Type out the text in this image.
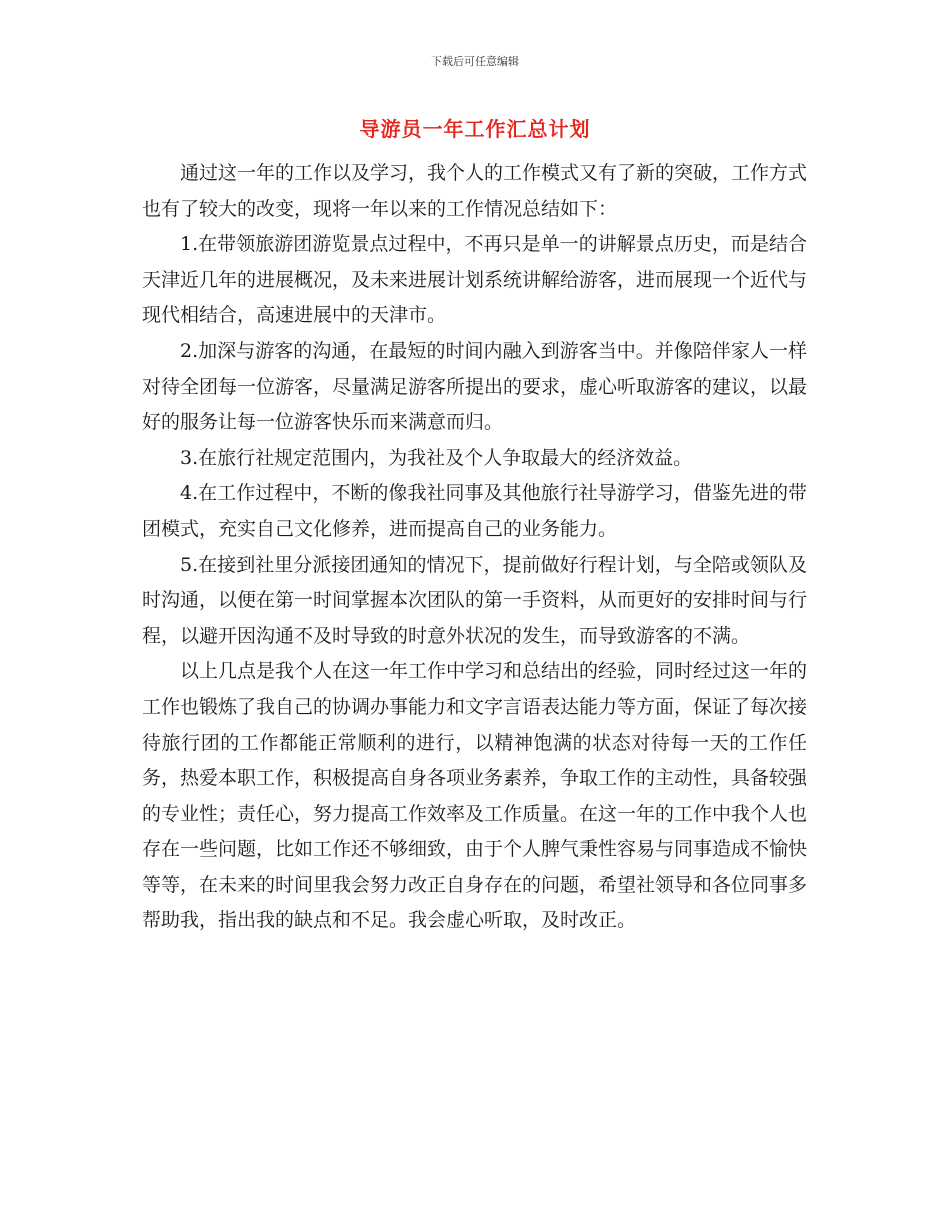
下载后可任意编辑
导游员一年工作汇总计划

通过这一年的工作以及学习，我个人的工作模式又有了新的突破，工作方式也有了较大的改变，现将一年以来的工作情况总结如下：

1.在带领旅游团游览景点过程中，不再只是单一的讲解景点历史，而是结合天津近几年的进展概况，及未来进展计划系统讲解给游客，进而展现一个近代与现代相结合，高速进展中的天津市。

2.加深与游客的沟通，在最短的时间内融入到游客当中。并像陪伴家人一样对待全团每一位游客，尽量满足游客所提出的要求，虚心听取游客的建议，以最好的服务让每一位游客快乐而来满意而归。

3.在旅行社规定范围内，为我社及个人争取最大的经济效益。

4.在工作过程中，不断的像我社同事及其他旅行社导游学习，借鉴先进的带团模式，充实自己文化修养，进而提高自己的业务能力。

5.在接到社里分派接团通知的情况下，提前做好行程计划，与全陪或领队及时沟通，以便在第一时间掌握本次团队的第一手资料，从而更好的安排时间与行程，以避开因沟通不及时导致的时意外状况的发生，而导致游客的不满。

以上几点是我个人在这一年工作中学习和总结出的经验，同时经过这一年的工作也锻炼了我自己的协调办事能力和文字言语表达能力等方面，保证了每次接待旅行团的工作都能正常顺利的进行，以精神饱满的状态对待每一天的工作任务，热爱本职工作，积极提高自身各项业务素养，争取工作的主动性，具备较强的专业性；责任心，努力提高工作效率及工作质量。在这一年的工作中我个人也存在一些问题，比如工作还不够细致，由于个人脾气秉性容易与同事造成不愉快等等，在未来的时间里我会努力改正自身存在的问题，希望社领导和各位同事多帮助我，指出我的缺点和不足。我会虚心听取，及时改正。
